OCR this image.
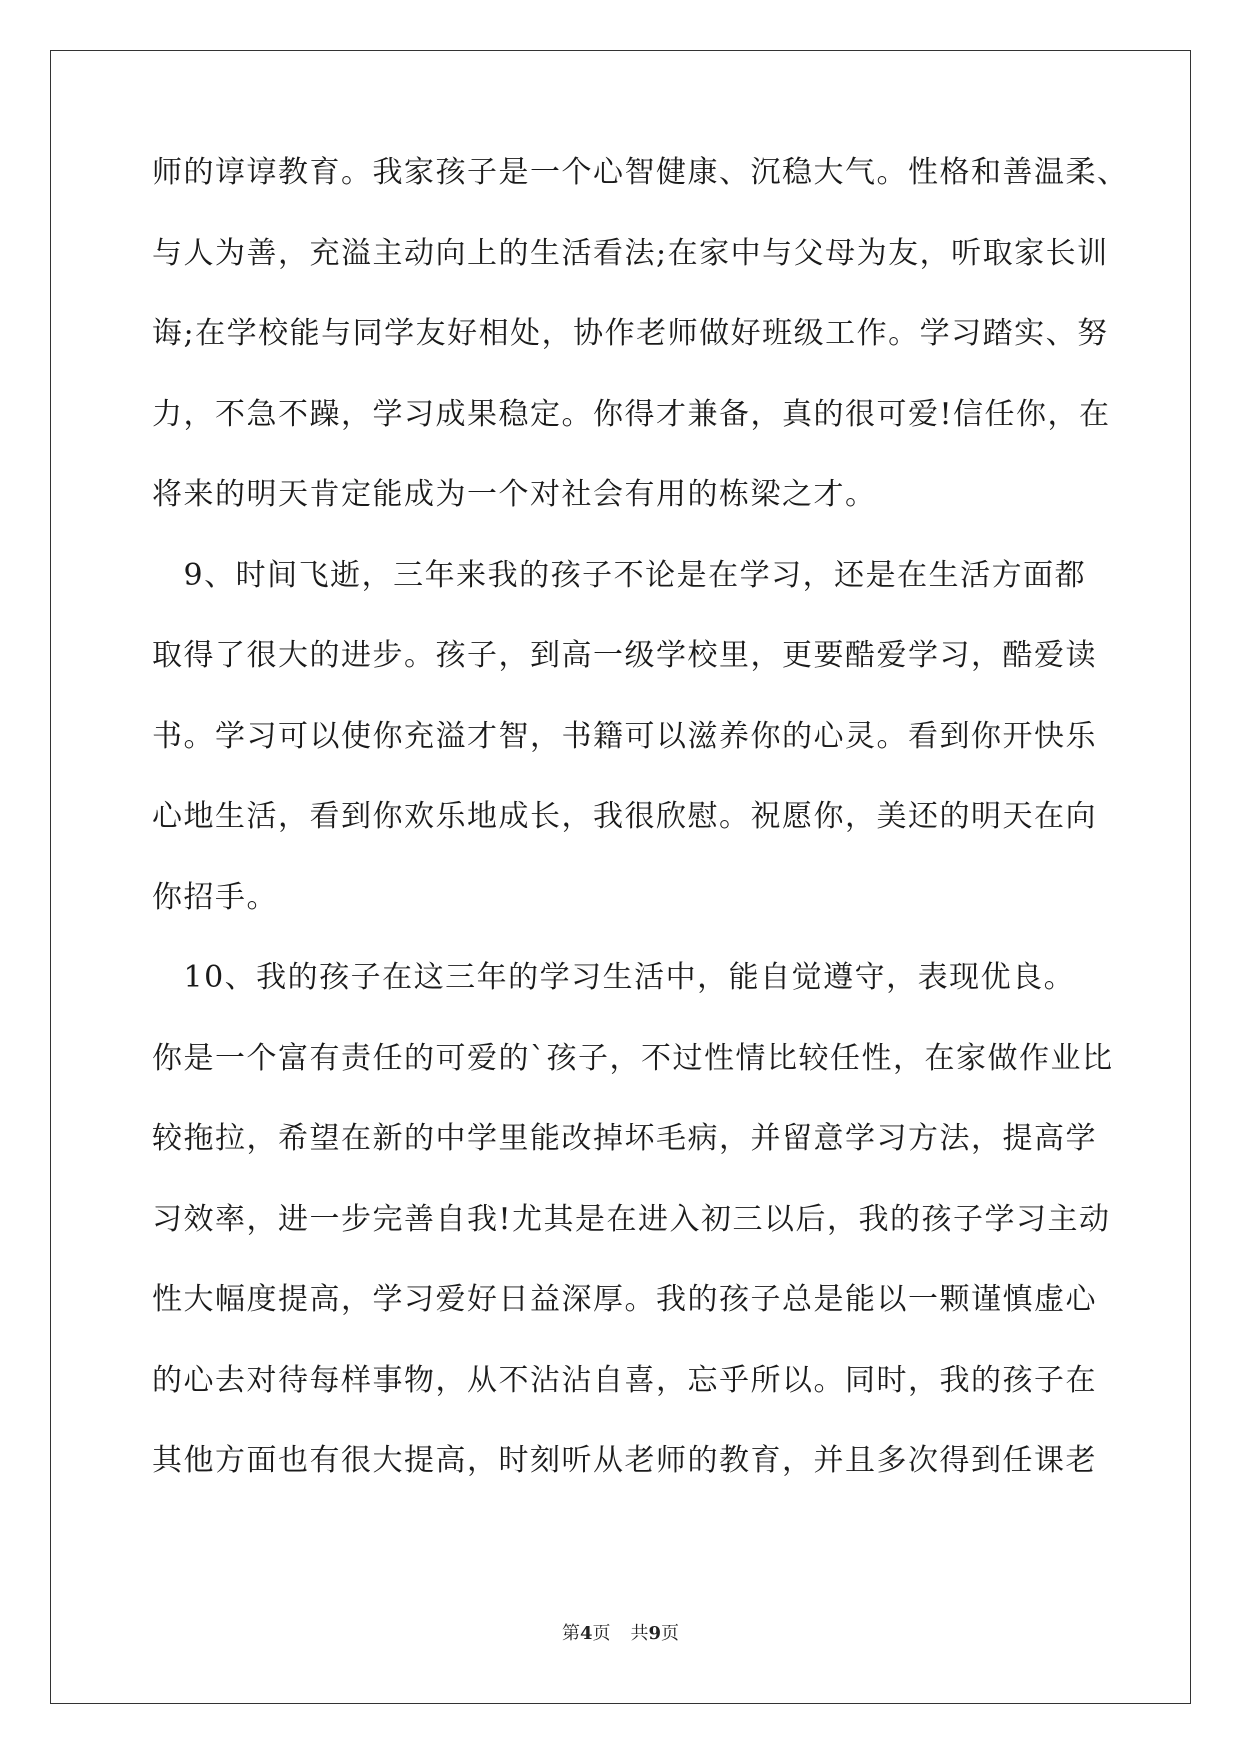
师的谆谆教育。我家孩子是一个心智健康、沉稳大气。性格和善温柔、
与人为善，充溢主动向上的生活看法;在家中与父母为友，听取家长训
诲;在学校能与同学友好相处，协作老师做好班级工作。学习踏实、努
力，不急不躁，学习成果稳定。你得才兼备，真的很可爱!信任你，在
将来的明天肯定能成为一个对社会有用的栋梁之才。
　9、时间飞逝，三年来我的孩子不论是在学习，还是在生活方面都
取得了很大的进步。孩子，到高一级学校里，更要酷爱学习，酷爱读
书。学习可以使你充溢才智，书籍可以滋养你的心灵。看到你开快乐
心地生活，看到你欢乐地成长，我很欣慰。祝愿你，美还的明天在向
你招手。
　10、我的孩子在这三年的学习生活中，能自觉遵守，表现优良。
你是一个富有责任的可爱的`孩子，不过性情比较任性，在家做作业比
较拖拉，希望在新的中学里能改掉坏毛病，并留意学习方法，提高学
习效率，进一步完善自我!尤其是在进入初三以后，我的孩子学习主动
性大幅度提高，学习爱好日益深厚。我的孩子总是能以一颗谨慎虚心
的心去对待每样事物，从不沾沾自喜，忘乎所以。同时，我的孩子在
其他方面也有很大提高，时刻听从老师的教育，并且多次得到任课老
第4页 共9页
